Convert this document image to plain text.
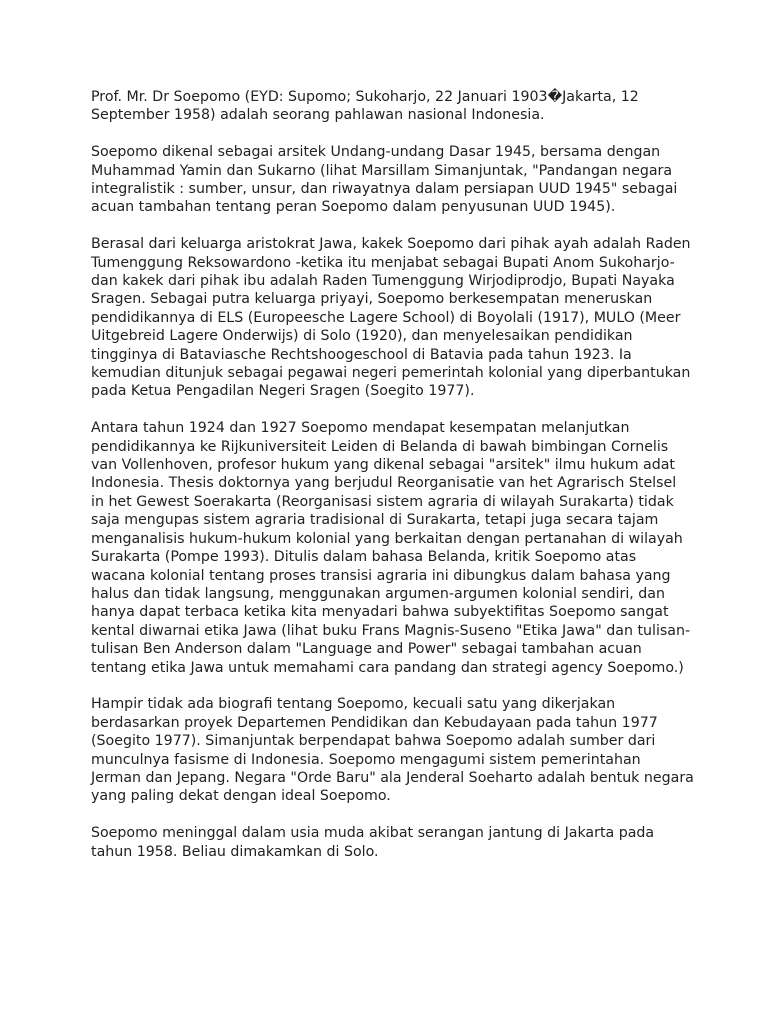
Prof. Mr. Dr Soepomo (EYD: Supomo; Sukoharjo, 22 Januari 1903�Jakarta, 12
September 1958) adalah seorang pahlawan nasional Indonesia.

Soepomo dikenal sebagai arsitek Undang-undang Dasar 1945, bersama dengan
Muhammad Yamin dan Sukarno (lihat Marsillam Simanjuntak, "Pandangan negara
integralistik : sumber, unsur, dan riwayatnya dalam persiapan UUD 1945" sebagai
acuan tambahan tentang peran Soepomo dalam penyusunan UUD 1945).

Berasal dari keluarga aristokrat Jawa, kakek Soepomo dari pihak ayah adalah Raden
Tumenggung Reksowardono -ketika itu menjabat sebagai Bupati Anom Sukoharjo-
dan kakek dari pihak ibu adalah Raden Tumenggung Wirjodiprodjo, Bupati Nayaka
Sragen. Sebagai putra keluarga priyayi, Soepomo berkesempatan meneruskan
pendidikannya di ELS (Europeesche Lagere School) di Boyolali (1917), MULO (Meer
Uitgebreid Lagere Onderwijs) di Solo (1920), dan menyelesaikan pendidikan
tingginya di Bataviasche Rechtshoogeschool di Batavia pada tahun 1923. Ia
kemudian ditunjuk sebagai pegawai negeri pemerintah kolonial yang diperbantukan
pada Ketua Pengadilan Negeri Sragen (Soegito 1977).

Antara tahun 1924 dan 1927 Soepomo mendapat kesempatan melanjutkan
pendidikannya ke Rijkuniversiteit Leiden di Belanda di bawah bimbingan Cornelis
van Vollenhoven, profesor hukum yang dikenal sebagai "arsitek" ilmu hukum adat
Indonesia. Thesis doktornya yang berjudul Reorganisatie van het Agrarisch Stelsel
in het Gewest Soerakarta (Reorganisasi sistem agraria di wilayah Surakarta) tidak
saja mengupas sistem agraria tradisional di Surakarta, tetapi juga secara tajam
menganalisis hukum-hukum kolonial yang berkaitan dengan pertanahan di wilayah
Surakarta (Pompe 1993). Ditulis dalam bahasa Belanda, kritik Soepomo atas
wacana kolonial tentang proses transisi agraria ini dibungkus dalam bahasa yang
halus dan tidak langsung, menggunakan argumen-argumen kolonial sendiri, dan
hanya dapat terbaca ketika kita menyadari bahwa subyektifitas Soepomo sangat
kental diwarnai etika Jawa (lihat buku Frans Magnis-Suseno "Etika Jawa" dan tulisan-
tulisan Ben Anderson dalam "Language and Power" sebagai tambahan acuan
tentang etika Jawa untuk memahami cara pandang dan strategi agency Soepomo.)

Hampir tidak ada biografi tentang Soepomo, kecuali satu yang dikerjakan
berdasarkan proyek Departemen Pendidikan dan Kebudayaan pada tahun 1977
(Soegito 1977). Simanjuntak berpendapat bahwa Soepomo adalah sumber dari
munculnya fasisme di Indonesia. Soepomo mengagumi sistem pemerintahan
Jerman dan Jepang. Negara "Orde Baru" ala Jenderal Soeharto adalah bentuk negara
yang paling dekat dengan ideal Soepomo.

Soepomo meninggal dalam usia muda akibat serangan jantung di Jakarta pada
tahun 1958. Beliau dimakamkan di Solo.
